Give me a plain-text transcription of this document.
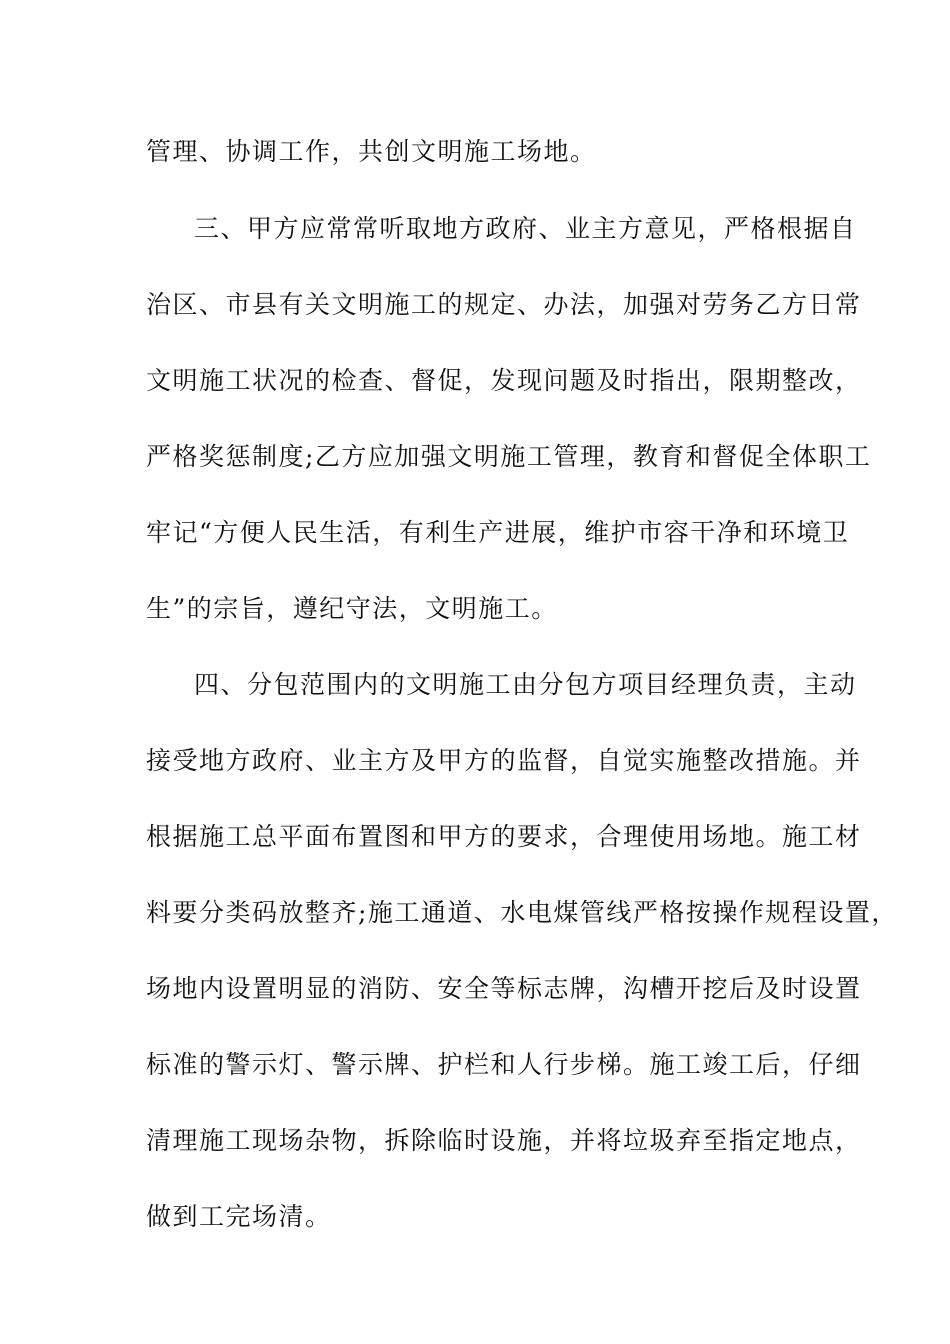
管理、协调工作，共创文明施工场地。
三、甲方应常常听取地方政府、业主方意见，严格根据自
治区、市县有关文明施工的规定、办法，加强对劳务乙方日常
文明施工状况的检查、督促，发现问题及时指出，限期整改，
严格奖惩制度;乙方应加强文明施工管理，教育和督促全体职工
牢记“方便人民生活，有利生产进展，维护市容干净和环境卫
生”的宗旨，遵纪守法，文明施工。
四、分包范围内的文明施工由分包方项目经理负责，主动
接受地方政府、业主方及甲方的监督，自觉实施整改措施。并
根据施工总平面布置图和甲方的要求，合理使用场地。施工材
料要分类码放整齐;施工通道、水电煤管线严格按操作规程设置，
场地内设置明显的消防、安全等标志牌，沟槽开挖后及时设置
标准的警示灯、警示牌、护栏和人行步梯。施工竣工后，仔细
清理施工现场杂物，拆除临时设施，并将垃圾弃至指定地点，
做到工完场清。
